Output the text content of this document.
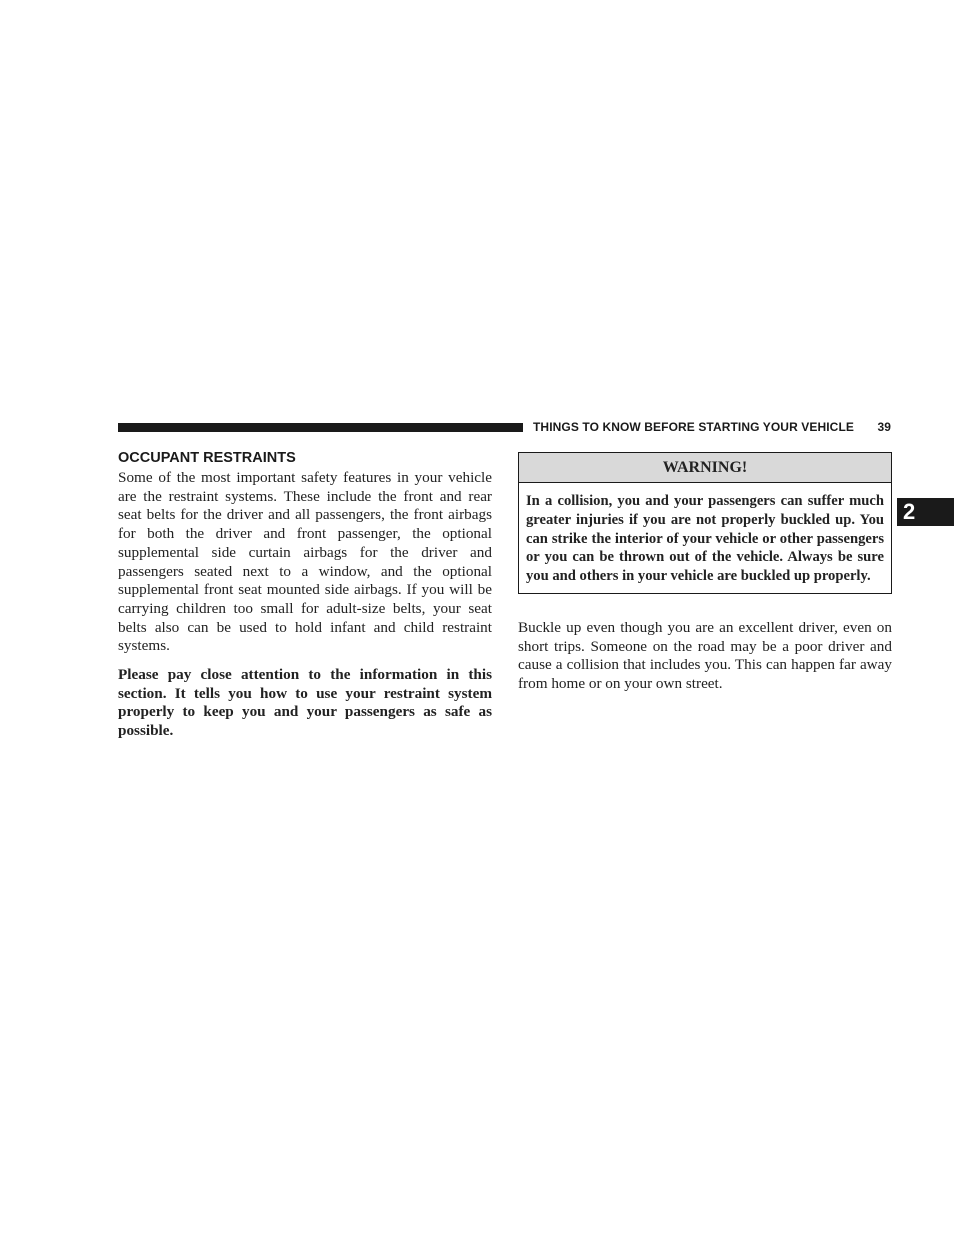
THINGS TO KNOW BEFORE STARTING YOUR VEHICLE 39
2
OCCUPANT RESTRAINTS

Some of the most important safety features in your vehicle are the restraint systems. These include the front and rear seat belts for the driver and all passengers, the front airbags for both the driver and front passenger, the optional supplemental side curtain airbags for the driver and passengers seated next to a window, and the optional supplemental front seat mounted side airbags. If you will be carrying children too small for adult-size belts, your seat belts also can be used to hold infant and child restraint systems.

Please pay close attention to the information in this section. It tells you how to use your restraint system properly to keep you and your passengers as safe as possible.

WARNING!
In a collision, you and your passengers can suffer much greater injuries if you are not properly buckled up. You can strike the interior of your vehicle or other passengers or you can be thrown out of the vehicle. Always be sure you and others in your vehicle are buckled up properly.

Buckle up even though you are an excellent driver, even on short trips. Someone on the road may be a poor driver and cause a collision that includes you. This can happen far away from home or on your own street.
